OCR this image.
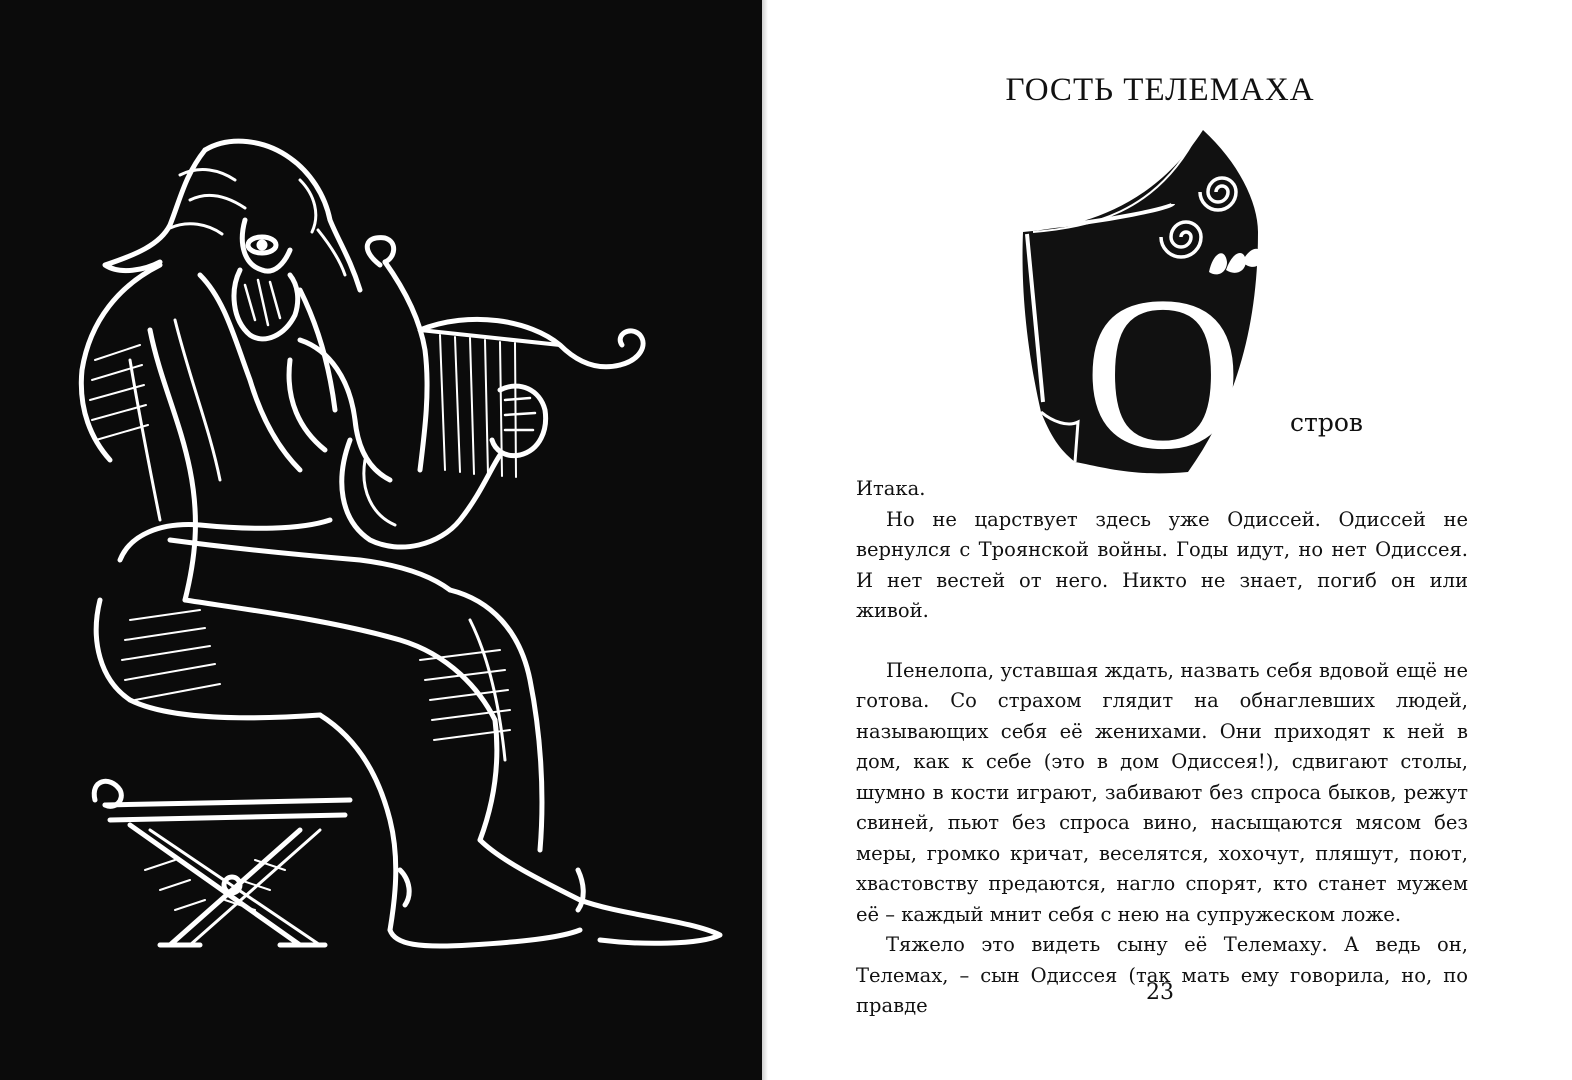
ГОСТЬ ТЕЛЕМАХА
О стров

Итака.

Но не царствует здесь уже Одиссей. Одиссей не вернулся с Троянской войны. Годы идут, но нет Одиссея. И нет вестей от него. Никто не знает, погиб он или живой.

Пенелопа, уставшая ждать, назвать себя вдовой ещё не готова. Со страхом глядит на обнаглевших людей, называющих себя её женихами. Они приходят к ней в дом, как к себе (это в дом Одиссея!), сдвигают столы, шумно в кости играют, забивают без спроса быков, режут свиней, пьют без спроса вино, насыщаются мясом без меры, громко кричат, веселятся, хохочут, пляшут, поют, хвастовству предаются, нагло спорят, кто станет мужем её – каждый мнит себя с нею на супружеском ложе.

Тяжело это видеть сыну её Телемаху. А ведь он, Телемах, – сын Одиссея (так мать ему говорила, но, по правде

23
